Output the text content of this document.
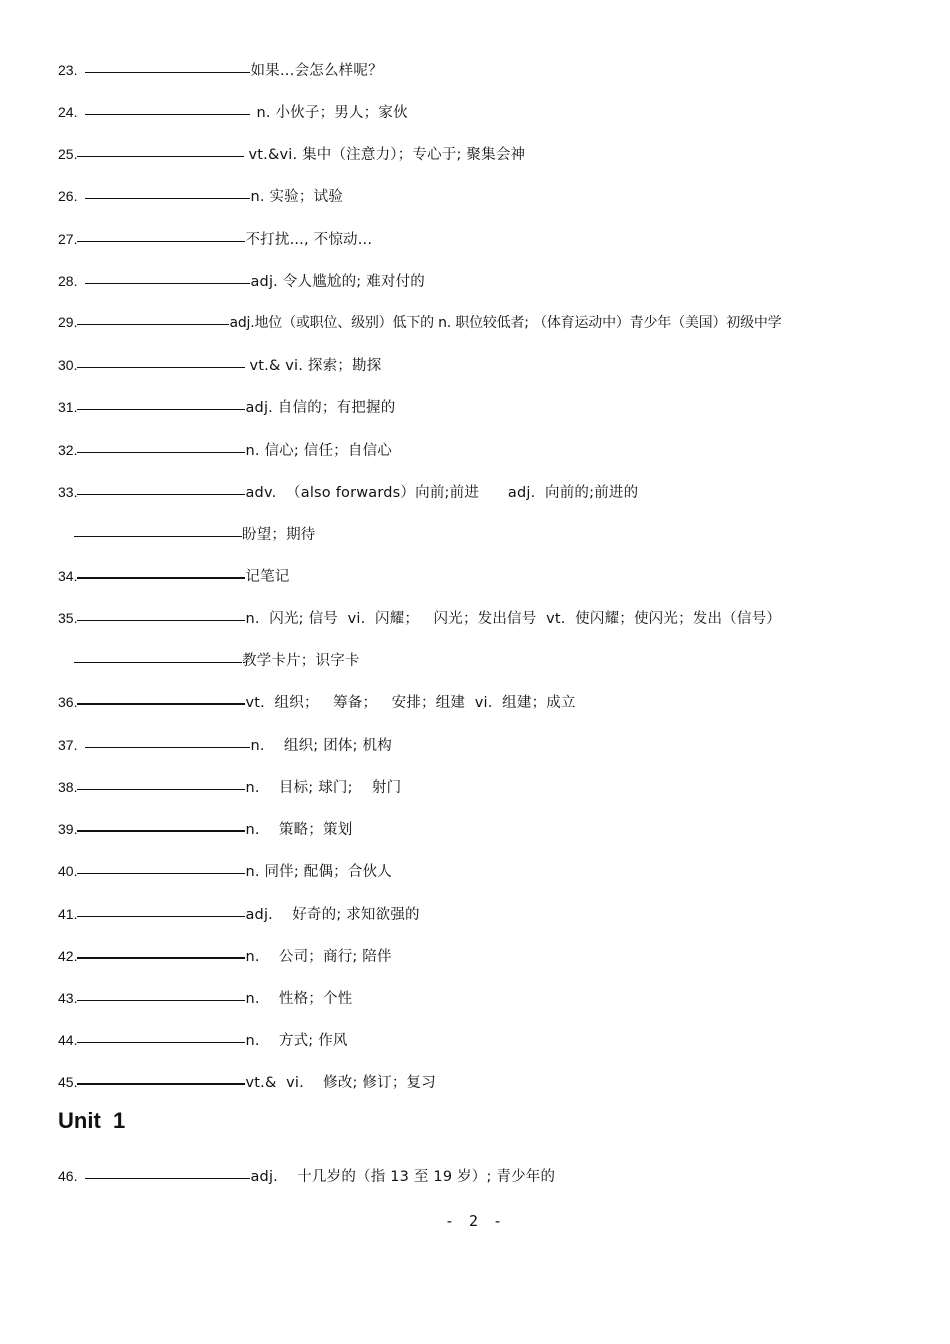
23.	如果…会怎么样呢？
24.	n. 小伙子；男人；家伙
25.	vt.&vi. 集中（注意力）；专心于; 聚集会神
26.	n. 实验；试验
27.	不打扰..., 不惊动...
28.	adj. 令人尴尬的; 难对付的
29.	adj.地位（或职位、级别）低下的 n. 职位较低者; （体育运动中）青少年（美国）初级中学
30.	vt.& vi. 探索；勘探
31.	adj. 自信的；有把握的
32.	n. 信心; 信任；自信心
33.	adv.  （also forwards）向前;前进      adj.  向前的;前进的
盼望；期待
34.	记笔记
35.	n.  闪光; 信号  vi.  闪耀；   闪光；发出信号  vt.  使闪耀；使闪光；发出（信号）
教学卡片；识字卡
36.	vt.  组织；   筹备；   安排；组建  vi.  组建；成立
37.	n.    组织; 团体; 机构
38.	n.    目标; 球门;    射门
39.	n.    策略；策划
40.	n. 同伴; 配偶；合伙人
41.	adj.    好奇的; 求知欲强的
42.	n.    公司；商行; 陪伴
43.	n.    性格；个性
44.	n.    方式; 作风
45.	vt.&  vi.    修改; 修订；复习
Unit  1
46.	adj.    十几岁的（指 13 至 19 岁）; 青少年的
- 2 -
